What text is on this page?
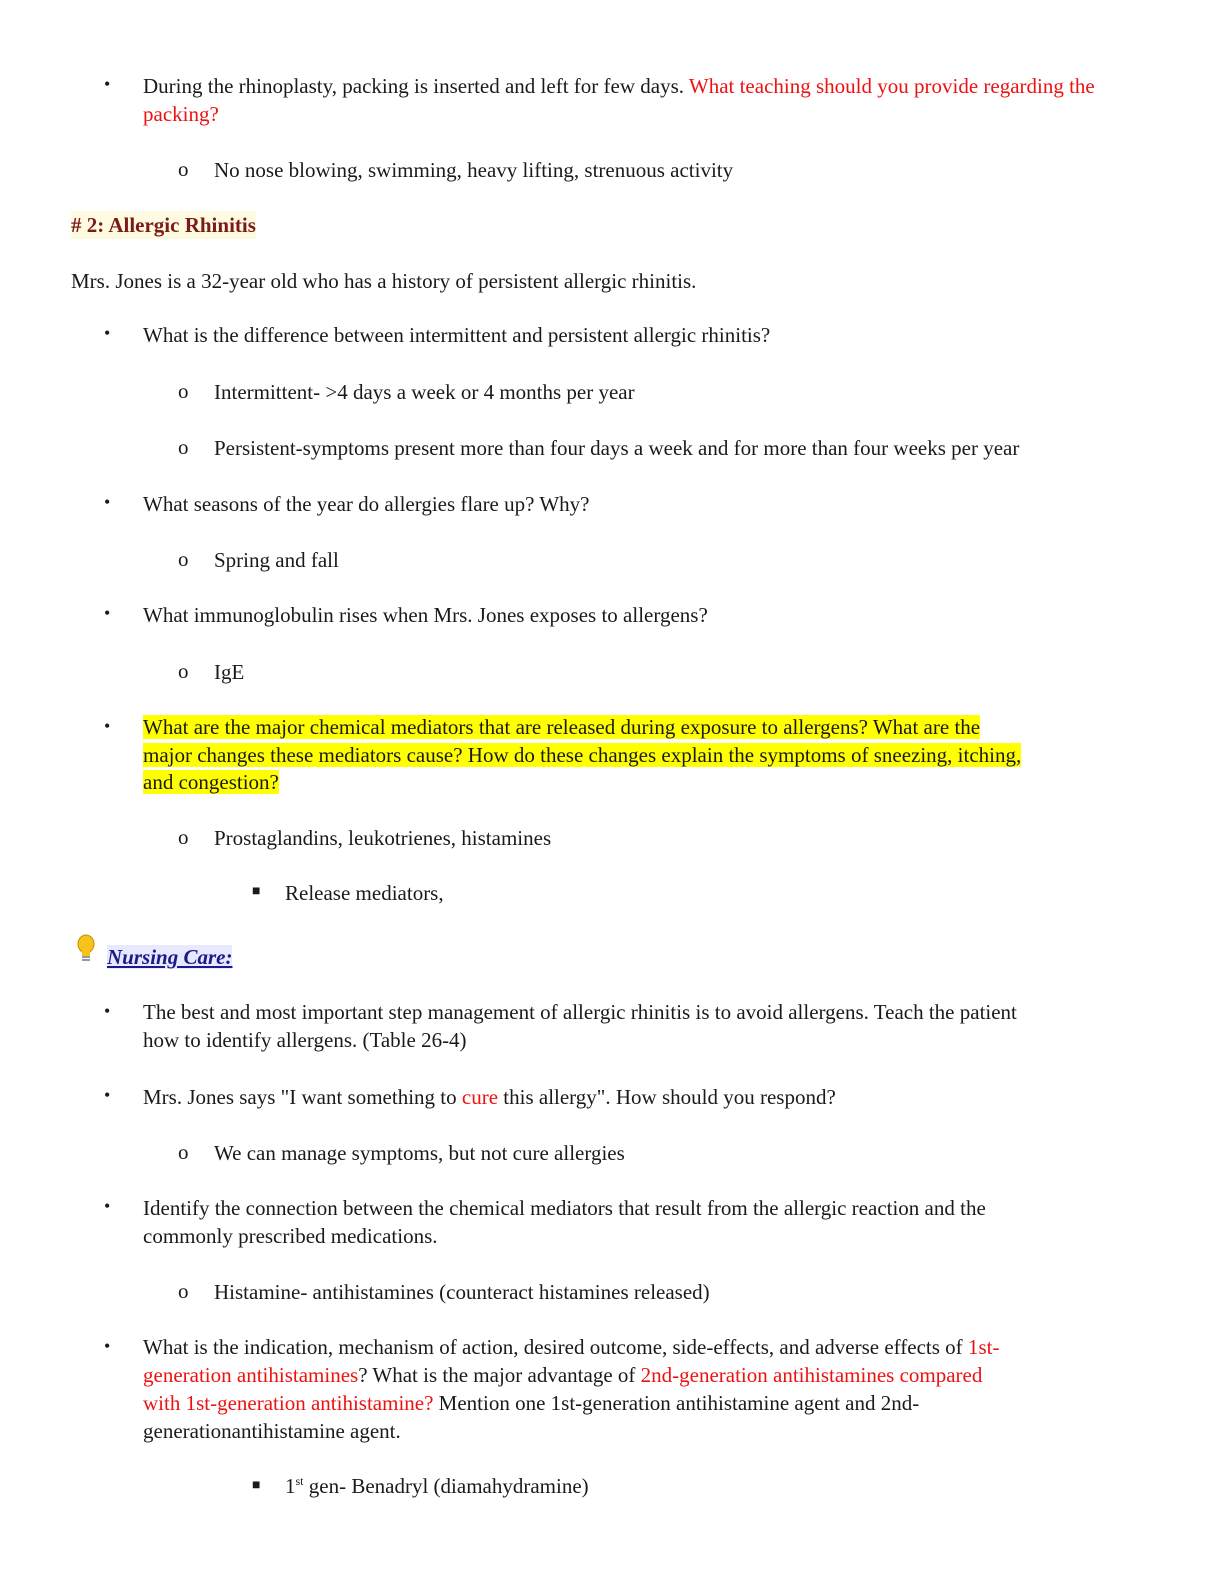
• During the rhinoplasty, packing is inserted and left for few days. What teaching should you provide regarding the packing?
o No nose blowing, swimming, heavy lifting, strenuous activity
# 2: Allergic Rhinitis
Mrs. Jones is a 32-year old who has a history of persistent allergic rhinitis.
• What is the difference between intermittent and persistent allergic rhinitis?
o Intermittent- >4 days a week or 4 months per year
o Persistent-symptoms present more than four days a week and for more than four weeks per year
• What seasons of the year do allergies flare up? Why?
o Spring and fall
• What immunoglobulin rises when Mrs. Jones exposes to allergens?
o IgE
• What are the major chemical mediators that are released during exposure to allergens? What are the
major changes these mediators cause? How do these changes explain the symptoms of sneezing, itching,
and congestion?
o Prostaglandins, leukotrienes, histamines
■ Release mediators,
Nursing Care:
• The best and most important step management of allergic rhinitis is to avoid allergens. Teach the patient
how to identify allergens. (Table 26-4)
• Mrs. Jones says "I want something to cure this allergy". How should you respond?
o We can manage symptoms, but not cure allergies
• Identify the connection between the chemical mediators that result from the allergic reaction and the
commonly prescribed medications.
o Histamine- antihistamines (counteract histamines released)
• What is the indication, mechanism of action, desired outcome, side-effects, and adverse effects of 1st-
generation antihistamines? What is the major advantage of 2nd-generation antihistamines compared
with 1st-generation antihistamine? Mention one 1st-generation antihistamine agent and 2nd-
generationantihistamine agent.
■ 1st gen- Benadryl (diamahydramine)
